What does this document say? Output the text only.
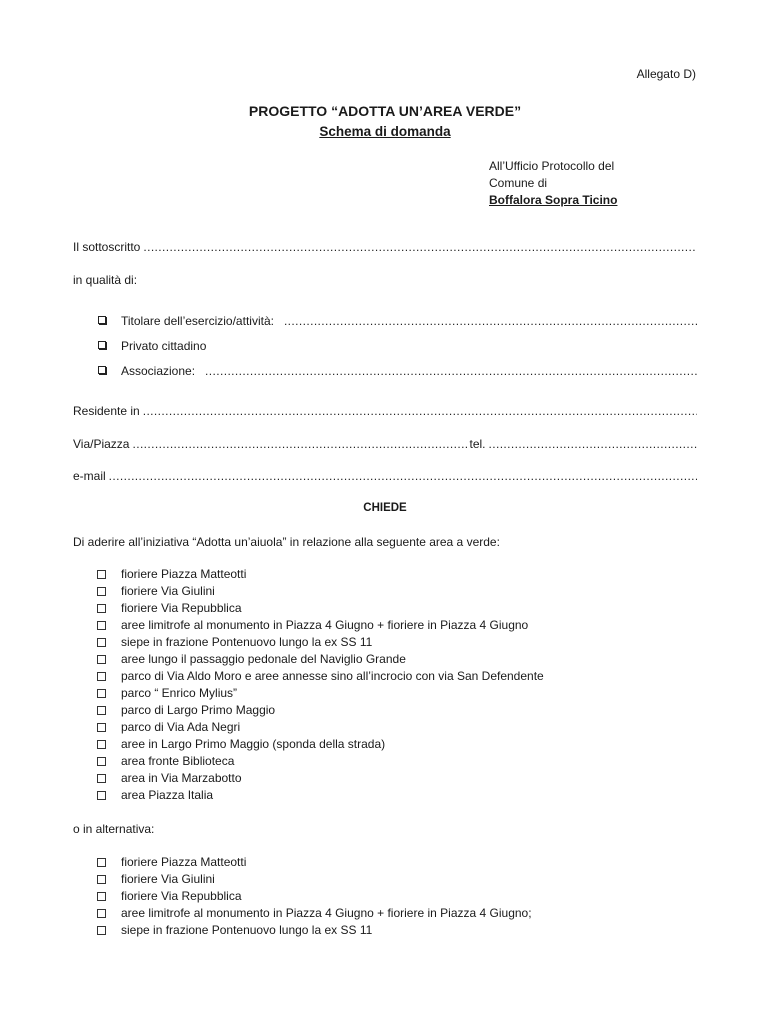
Allegato D)
PROGETTO “ADOTTA UN’AREA VERDE”
Schema di domanda
All’Ufficio Protocollo del
Comune di
Boffalora Sopra Ticino
Il sottoscritto
.....
in qualità di:
Titolare dell’esercizio/attività:
.....
Privato cittadino
Associazione:
.....
Residente in
.....
Via/Piazza
.....	tel.
.....
e-mail
.....
CHIEDE
Di aderire all’iniziativa “Adotta un’aiuola” in relazione alla seguente area a verde:
fioriere Piazza Matteotti
fioriere Via Giulini
fioriere Via Repubblica
aree limitrofe al monumento in Piazza 4 Giugno + fioriere in Piazza 4 Giugno
siepe in frazione Pontenuovo lungo la ex SS 11
aree lungo il passaggio pedonale del Naviglio Grande
parco di Via Aldo Moro e aree annesse sino all’incrocio con via San Defendente
parco “ Enrico Mylius”
parco di Largo Primo Maggio
parco di Via Ada Negri
aree in Largo Primo Maggio (sponda della strada)
area fronte Biblioteca
area in Via Marzabotto
area Piazza Italia
o in alternativa:
fioriere Piazza Matteotti
fioriere Via Giulini
fioriere Via Repubblica
aree limitrofe al monumento in Piazza 4 Giugno + fioriere in Piazza 4 Giugno;
siepe in frazione Pontenuovo lungo la ex SS 11
